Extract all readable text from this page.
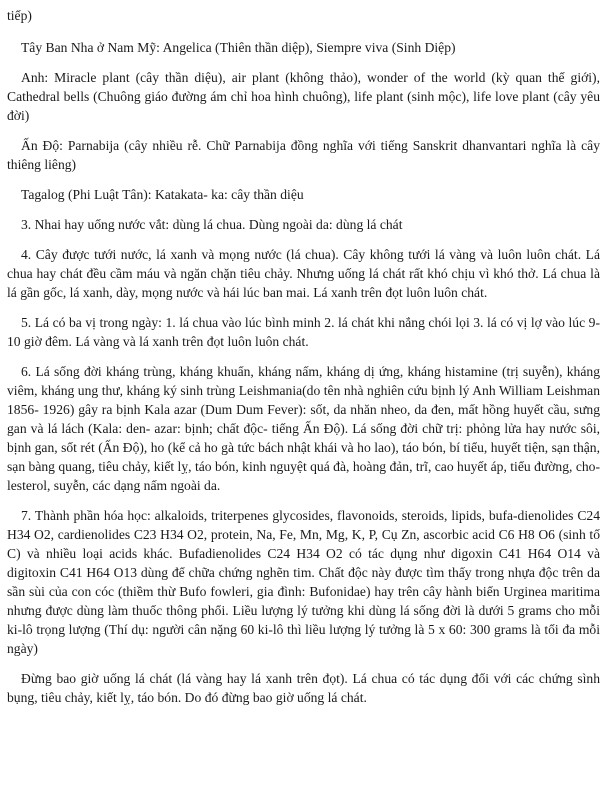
tiếp)

Tây Ban Nha ở Nam Mỹ: Angelica (Thiên thần diệp), Siempre viva (Sinh Diệp)

Anh: Miracle plant (cây thần diệu), air plant (không thảo), wonder of the world (kỳ quan thế giới), Cathedral bells (Chuông giáo đường ám chỉ hoa hình chuông), life plant (sinh mộc), life love plant (cây yêu đời)

Ấn Độ: Parnabija (cây nhiều rễ. Chữ Parnabija đồng nghĩa với tiếng Sanskrit dhanvantari nghĩa là cây thiêng liêng)

Tagalog (Phi Luật Tân): Katakata- ka: cây thần diệu

3. Nhai hay uống nước vắt: dùng lá chua. Dùng ngoài da: dùng lá chát

4. Cây được tưới nước, lá xanh và mọng nước (lá chua). Cây không tưới lá vàng và luôn luôn chát. Lá chua hay chát đều cầm máu và ngăn chặn tiêu chảy. Nhưng uống lá chát rất khó chịu vì khó thở. Lá chua là lá gần gốc, lá xanh, dày, mọng nước và hái lúc ban mai. Lá xanh trên đọt luôn luôn chát.

5. Lá có ba vị trong ngày: 1. lá chua vào lúc bình minh 2. lá chát khi nắng chói lọi 3. lá có vị lợ vào lúc 9- 10 giờ đêm. Lá vàng và lá xanh trên đọt luôn luôn chát.

6. Lá sống đời kháng trùng, kháng khuẩn, kháng nấm, kháng dị ứng, kháng histamine (trị suyễn), kháng viêm, kháng ung thư, kháng ký sinh trùng Leishmania(do tên nhà nghiên cứu bịnh lý Anh William Leishman 1856- 1926) gây ra bịnh Kala azar (Dum Dum Fever): sốt, da nhăn nheo, da đen, mất hồng huyết cầu, sưng gan và lá lách (Kala: den- azar: bịnh; chất độc- tiếng Ấn Độ). Lá sống đời chữ trị: phỏng lửa hay nước sôi, bịnh gan, sốt rét (Ấn Độ), ho (kể cả ho gà tức bách nhật khái và ho lao), táo bón, bí tiểu, huyết tiện, sạn thận, sạn bàng quang, tiêu chảy, kiết lỵ, táo bón, kinh nguyệt quá đà, hoàng đản, trĩ, cao huyết áp, tiểu đường, cho-lesterol, suyễn, các dạng nấm ngoài da.

7. Thành phần hóa học: alkaloids, triterpenes glycosides, flavonoids, steroids, lipids, bufa-dienolides C24 H34 O2, cardienolides C23 H34 O2, protein, Na, Fe, Mn, Mg, K, P, Cụ Zn, ascorbic acid C6 H8 O6 (sinh tố C) và nhiều loại acids khác. Bufadienolides C24 H34 O2 có tác dụng như digoxin C41 H64 O14 và digitoxin C41 H64 O13 dùng để chữa chứng nghẽn tim. Chất độc này được tìm thấy trong nhựa độc trên da sần sùi của con cóc (thiềm thừ Bufo fowleri, gia đình: Bufonidae) hay trên cây hành biển Urginea maritima nhưng được dùng làm thuốc thông phổi. Liều lượng lý tưởng khi dùng lá sống đời là dưới 5 grams cho mỗi ki-lô trọng lượng (Thí dụ: người cân nặng 60 ki-lô thì liều lượng lý tưởng là 5 x 60: 300 grams là tối đa mỗi ngày)

Đừng bao giờ uống lá chát (lá vàng hay lá xanh trên đọt). Lá chua có tác dụng đối với các chứng sình bụng, tiêu chảy, kiết lỵ, táo bón. Do đó đừng bao giờ uống lá chát.
